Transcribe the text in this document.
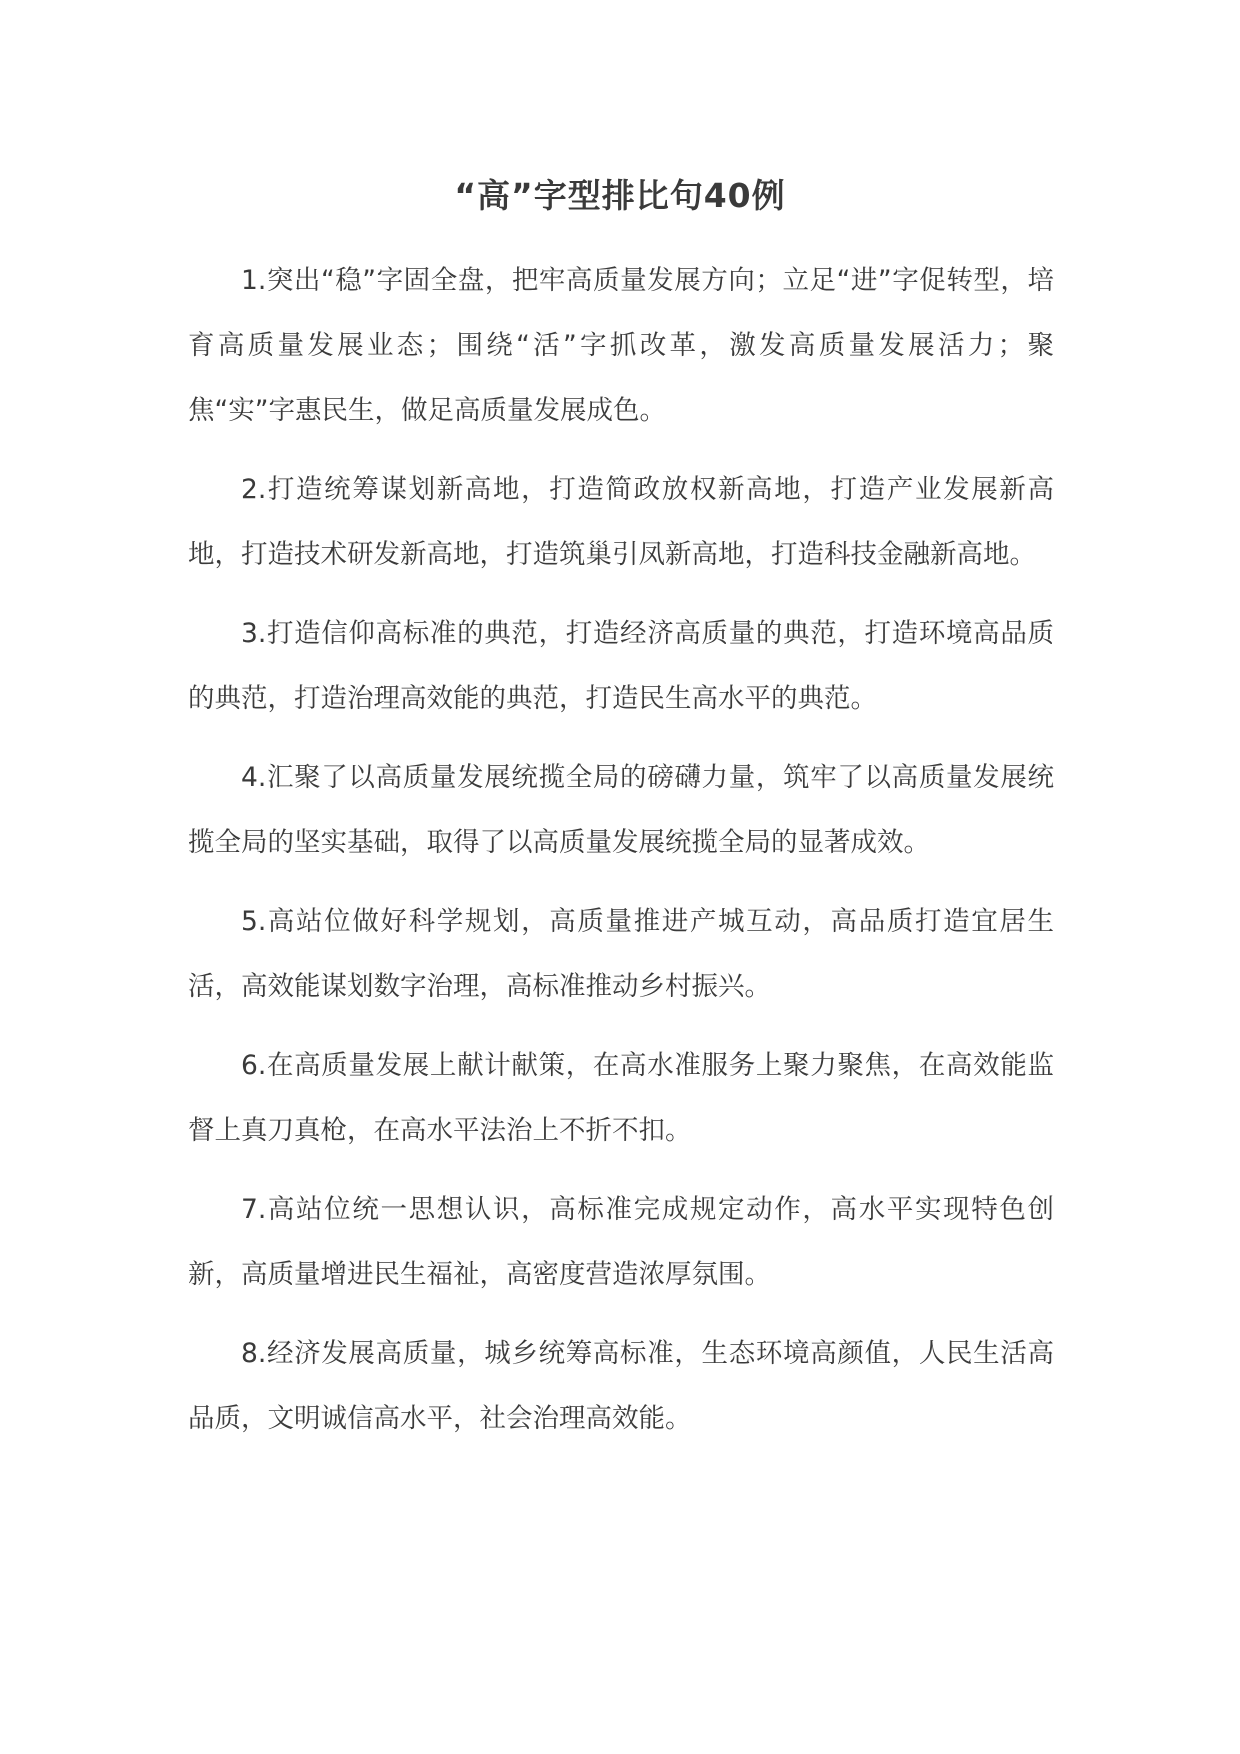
“高”字型排比句40例

1.突出“稳”字固全盘，把牢高质量发展方向；立足“进”字促转型，培育高质量发展业态；围绕“活”字抓改革，激发高质量发展活力；聚焦“实”字惠民生，做足高质量发展成色。

2.打造统筹谋划新高地，打造简政放权新高地，打造产业发展新高地，打造技术研发新高地，打造筑巢引凤新高地，打造科技金融新高地。

3.打造信仰高标准的典范，打造经济高质量的典范，打造环境高品质的典范，打造治理高效能的典范，打造民生高水平的典范。

4.汇聚了以高质量发展统揽全局的磅礴力量，筑牢了以高质量发展统揽全局的坚实基础，取得了以高质量发展统揽全局的显著成效。

5.高站位做好科学规划，高质量推进产城互动，高品质打造宜居生活，高效能谋划数字治理，高标准推动乡村振兴。

6.在高质量发展上献计献策，在高水准服务上聚力聚焦，在高效能监督上真刀真枪，在高水平法治上不折不扣。

7.高站位统一思想认识，高标准完成规定动作，高水平实现特色创新，高质量增进民生福祉，高密度营造浓厚氛围。

8.经济发展高质量，城乡统筹高标准，生态环境高颜值，人民生活高品质，文明诚信高水平，社会治理高效能。
